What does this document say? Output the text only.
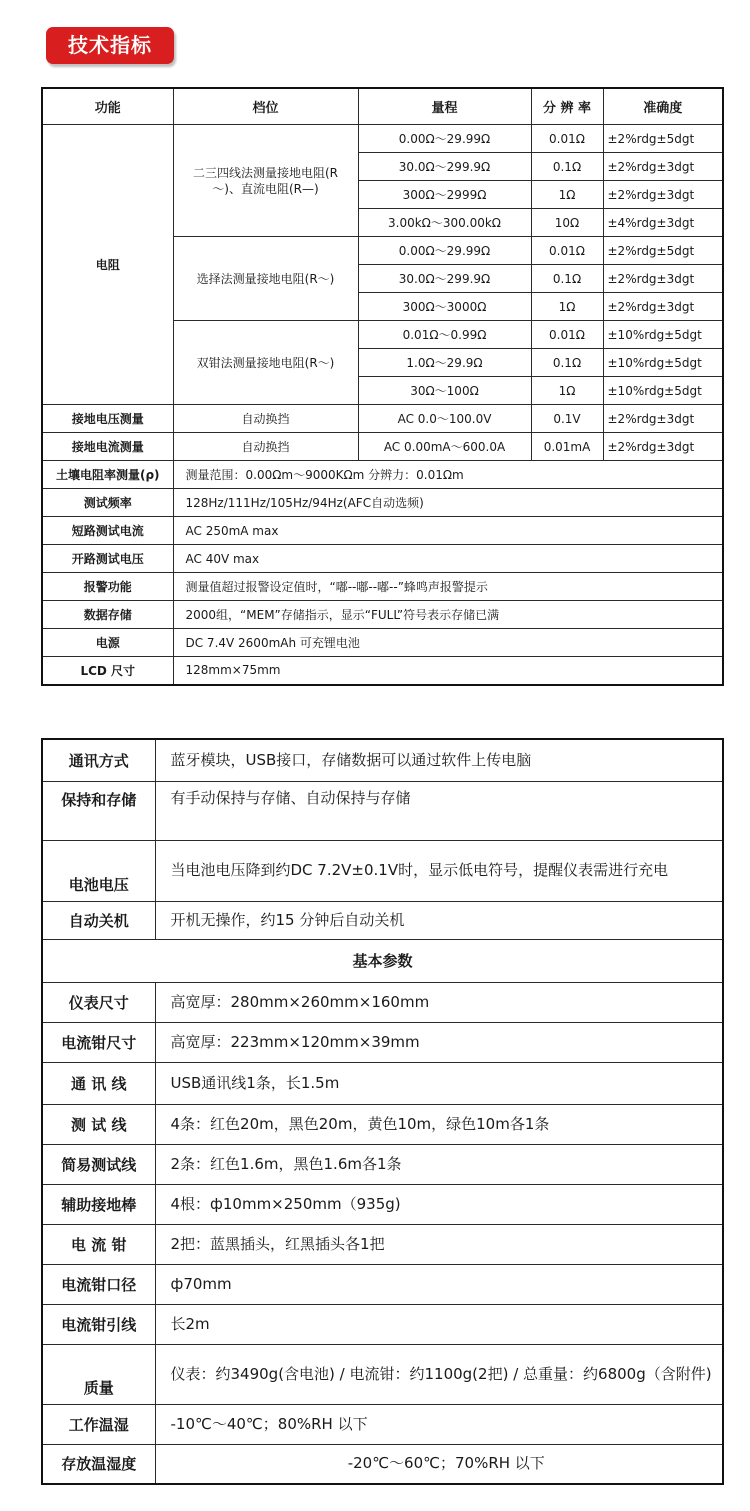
技术指标
功能	档位	量程	分 辨 率	准确度
电阻	二三四线法测量接地电阻(R～)、直流电阻(R—)	0.00Ω～29.99Ω	0.01Ω	±2%rdg±5dgt
		30.0Ω～299.9Ω	0.1Ω	±2%rdg±3dgt
		300Ω～2999Ω	1Ω	±2%rdg±3dgt
		3.00kΩ～300.00kΩ	10Ω	±4%rdg±3dgt
	选择法测量接地电阻(R～)	0.00Ω～29.99Ω	0.01Ω	±2%rdg±5dgt
		30.0Ω～299.9Ω	0.1Ω	±2%rdg±3dgt
		300Ω～3000Ω	1Ω	±2%rdg±3dgt
	双钳法测量接地电阻(R～)	0.01Ω～0.99Ω	0.01Ω	±10%rdg±5dgt
		1.0Ω～29.9Ω	0.1Ω	±10%rdg±5dgt
		30Ω～100Ω	1Ω	±10%rdg±5dgt
接地电压测量	自动换挡	AC 0.0～100.0V	0.1V	±2%rdg±3dgt
接地电流测量	自动换挡	AC 0.00mA～600.0A	0.01mA	±2%rdg±3dgt
土壤电阻率测量(ρ)	测量范围：0.00Ωm～9000KΩm 分辨力：0.01Ωm			
测试频率	128Hz/111Hz/105Hz/94Hz(AFC自动选频)			
短路测试电流	AC 250mA max			
开路测试电压	AC 40V max			
报警功能	测量值超过报警设定值时，“嘟--嘟--嘟--”蜂鸣声报警提示			
数据存储	2000组，“MEM”存储指示，显示“FULL”符号表示存储已满			
电源	DC 7.4V 2600mAh 可充锂电池			
LCD 尺寸	128mm×75mm			
通讯方式	蓝牙模块，USB接口，存储数据可以通过软件上传电脑
保持和存储	有手动保持与存储、自动保持与存储
电池电压	当电池电压降到约DC 7.2V±0.1V时，显示低电符号，提醒仪表需进行充电
自动关机	开机无操作，约15 分钟后自动关机
基本参数	
仪表尺寸	高宽厚：280mm×260mm×160mm
电流钳尺寸	高宽厚：223mm×120mm×39mm
通 讯 线	USB通讯线1条，长1.5m
测 试 线	4条：红色20m，黑色20m，黄色10m，绿色10m各1条
简易测试线	2条：红色1.6m，黑色1.6m各1条
辅助接地棒	4根：ф10mm×250mm（935g)
电 流 钳	2把：蓝黑插头，红黑插头各1把
电流钳口径	ф70mm
电流钳引线	长2m
质量	仪表：约3490g(含电池) / 电流钳：约1100g(2把) / 总重量：约6800g（含附件)
工作温湿	-10℃～40℃；80%RH 以下
存放温湿度	-20℃～60℃；70%RH 以下
